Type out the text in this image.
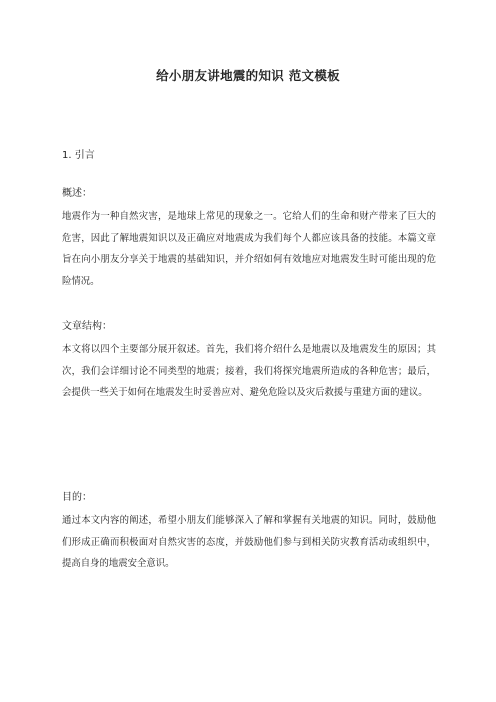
给小朋友讲地震的知识 范文模板
1. 引言

概述：

地震作为一种自然灾害，是地球上常见的现象之一。它给人们的生命和财产带来了巨大的危害，因此了解地震知识以及正确应对地震成为我们每个人都应该具备的技能。本篇文章旨在向小朋友分享关于地震的基础知识，并介绍如何有效地应对地震发生时可能出现的危险情况。

文章结构：

本文将以四个主要部分展开叙述。首先，我们将介绍什么是地震以及地震发生的原因；其次，我们会详细讨论不同类型的地震；接着，我们将探究地震所造成的各种危害；最后，会提供一些关于如何在地震发生时妥善应对、避免危险以及灾后救援与重建方面的建议。

目的：

通过本文内容的阐述，希望小朋友们能够深入了解和掌握有关地震的知识。同时，鼓励他们形成正确而积极面对自然灾害的态度，并鼓励他们参与到相关防灾教育活动或组织中，提高自身的地震安全意识。
